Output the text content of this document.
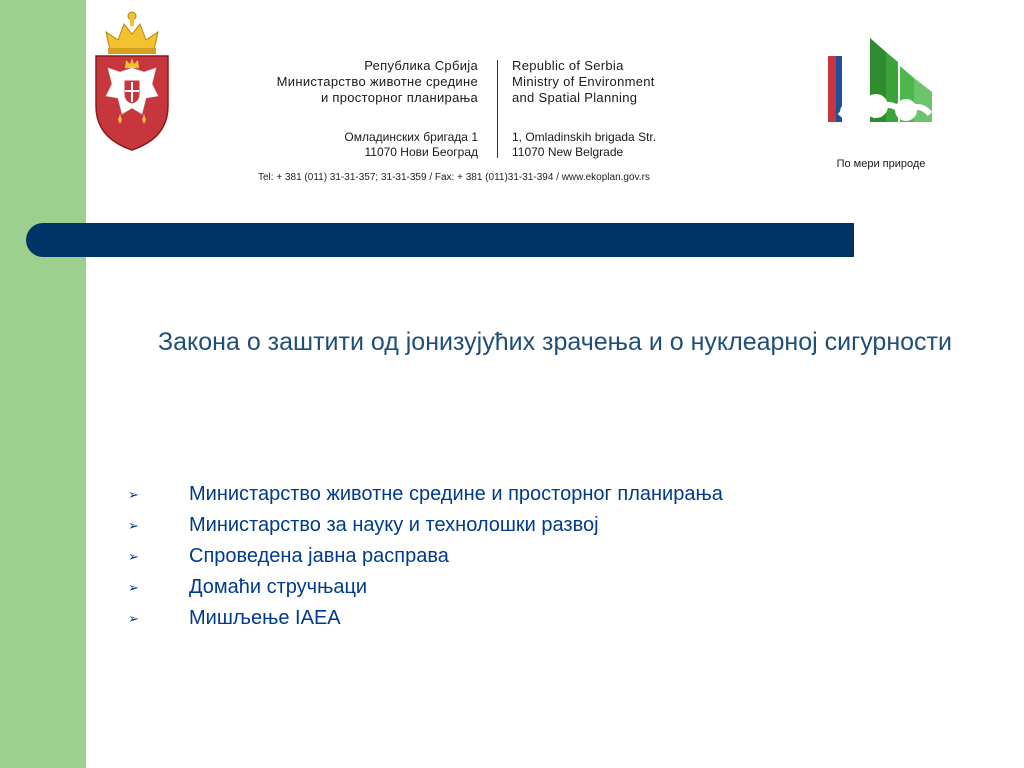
Република Србија
Министарство животне средине
и просторног планирања
Republic of Serbia
Ministry of Environment
and Spatial Planning
Омладинских бригада 1
11070 Нови Београд
1, Omladinskih brigada Str.
11070 New Belgrade
Tel: + 381 (011) 31-31-357; 31-31-359 / Fax: + 381 (011)31-31-394 / www.ekoplan.gov.rs
По мери природе
Закона о заштити од јонизујућих зрачења и о нуклеарној сигурности
➢	Министарство животне средине и просторног планирања
➢	Министарство за науку и технолошки развој
➢	Спроведена јавна расправа
➢	Домаћи стручњаци
➢	Мишљење IAEA
